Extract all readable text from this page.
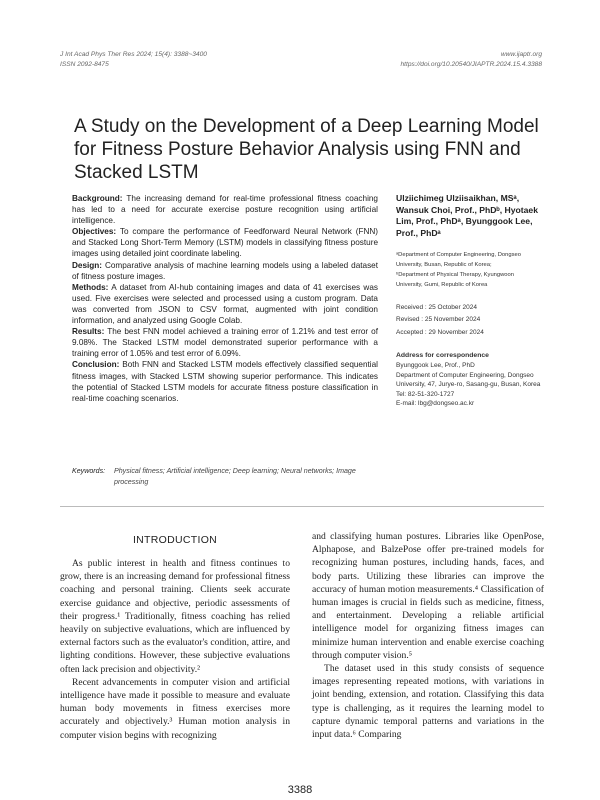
J Int Acad Phys Ther Res 2024; 15(4): 3388~3400
ISSN 2092-8475
www.ijaptr.org
https://doi.org/10.20540/JIAPTR.2024.15.4.3388
A Study on the Development of a Deep Learning Model for Fitness Posture Behavior Analysis using FNN and Stacked LSTM

Background: The increasing demand for real-time professional fitness coaching has led to a need for accurate exercise posture recognition using artificial intelligence.

Objectives: To compare the performance of Feedforward Neural Network (FNN) and Stacked Long Short-Term Memory (LSTM) models in classifying fitness posture images using detailed joint coordinate labeling.

Design: Comparative analysis of machine learning models using a labeled dataset of fitness posture images.

Methods: A dataset from AI-hub containing images and data of 41 exercises was used. Five exercises were selected and processed using a custom program. Data was converted from JSON to CSV format, augmented with joint condition information, and analyzed using Google Colab.

Results: The best FNN model achieved a training error of 1.21% and test error of 9.08%. The Stacked LSTM model demonstrated superior performance with a training error of 1.05% and test error of 6.09%.

Conclusion: Both FNN and Stacked LSTM models effectively classified sequential fitness images, with Stacked LSTM showing superior performance. This indicates the potential of Stacked LSTM models for accurate fitness posture classification in real-time coaching scenarios.

Ulziichimeg Ulziisaikhan, MSᵃ, Wansuk Choi, Prof., PhDᵇ, Hyotaek Lim, Prof., PhDᵃ, Byunggook Lee, Prof., PhDᵃ

ᵃDepartment of Computer Engineering, Dongseo University, Busan, Republic of Korea;

ᵇDepartment of Physical Therapy, Kyungwoon University, Gumi, Republic of Korea

Received : 25 October 2024
Revised : 25 November 2024
Accepted : 29 November 2024
Address for correspondence
Byunggook Lee, Prof., PhD
Department of Computer Engineering, Dongseo University, 47, Jurye-ro, Sasang-gu, Busan, Korea
Tel: 82-51-320-1727
E-mail: lbg@dongseo.ac.kr
Keywords:	Physical fitness; Artificial intelligence; Deep learning; Neural networks; Image processing
INTRODUCTION

As public interest in health and fitness continues to grow, there is an increasing demand for professional fitness coaching and personal training. Clients seek accurate exercise guidance and objective, periodic assessments of their progress.¹ Traditionally, fitness coaching has relied heavily on subjective evaluations, which are influenced by external factors such as the evaluator's condition, attire, and lighting conditions. However, these subjective evaluations often lack precision and objectivity.²

Recent advancements in computer vision and artificial intelligence have made it possible to measure and evaluate human body movements in fitness exercises more accurately and objectively.³ Human motion analysis in computer vision begins with recognizing

and classifying human postures. Libraries like OpenPose, Alphapose, and BalzePose offer pre-trained models for recognizing human postures, including hands, faces, and body parts. Utilizing these libraries can improve the accuracy of human motion measurements.⁴ Classification of human images is crucial in fields such as medicine, fitness, and entertainment. Developing a reliable artificial intelligence model for organizing fitness images can minimize human intervention and enable exercise coaching through computer vision.⁵

The dataset used in this study consists of sequence images representing repeated motions, with variations in joint bending, extension, and rotation. Classifying this data type is challenging, as it requires the learning model to capture dynamic temporal patterns and variations in the input data.⁶ Comparing

3388
